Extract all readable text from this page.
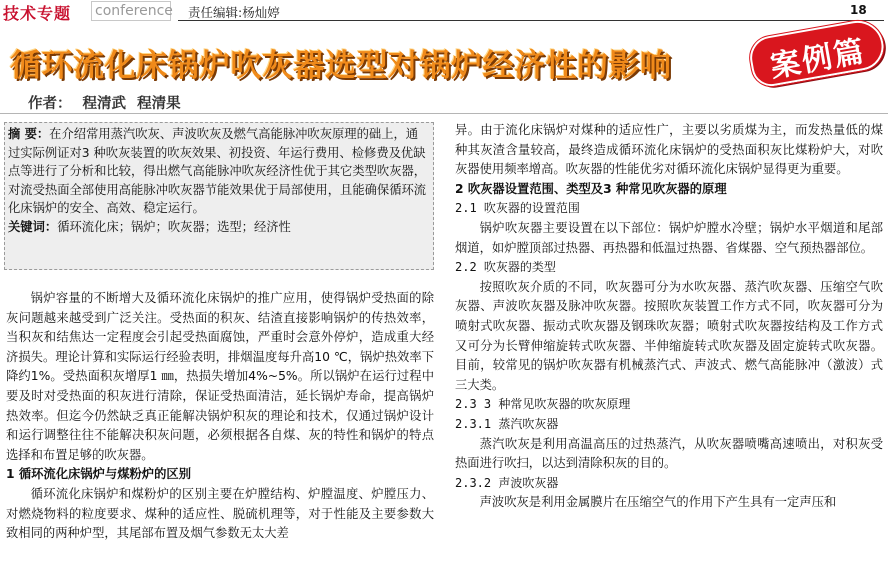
技术专题 conference 责任编辑:杨灿婷	18
循环流化床锅炉吹灰器选型对锅炉经济性的影响	案例篇
作者： 程清武 程清果
摘 要：在介绍常用蒸汽吹灰、声波吹灰及燃气高能脉冲吹灰原理的础上，通过实际例证对3 种吹灰装置的吹灰效果、初投资、年运行费用、检修费及优缺点等进行了分析和比较，得出燃气高能脉冲吹灰经济性优于其它类型吹灰器，对流受热面全部使用高能脉冲吹灰器节能效果优于局部使用，且能确保循环流化床锅炉的安全、高效、稳定运行。
关键词：循环流化床；锅炉；吹灰器；选型；经济性

锅炉容量的不断增大及循环流化床锅炉的推广应用，使得锅炉受热面的除灰问题越来越受到广泛关注。受热面的积灰、结渣直接影响锅炉的传热效率，当积灰和结焦达一定程度会引起受热面腐蚀，严重时会意外停炉，造成重大经济损失。理论计算和实际运行经验表明，排烟温度每升高10 ℃，锅炉热效率下降约1%。受热面积灰增厚1 ㎜，热损失增加4%~5%。所以锅炉在运行过程中要及时对受热面的积灰进行清除，保证受热面清洁，延长锅炉寿命，提高锅炉热效率。但迄今仍然缺乏真正能解决锅炉积灰的理论和技术，仅通过锅炉设计和运行调整往往不能解决积灰问题，必须根据各自煤、灰的特性和锅炉的特点选择和布置足够的吹灰器。

1 循环流化床锅炉与煤粉炉的区别

循环流化床锅炉和煤粉炉的区别主要在炉膛结构、炉膛温度、炉膛压力、对燃烧物料的粒度要求、煤种的适应性、脱硫机理等，对于性能及主要参数大致相同的两种炉型，其尾部布置及烟气参数无太大差

异。由于流化床锅炉对煤种的适应性广，主要以劣质煤为主，而发热量低的煤种其灰渣含量较高，最终造成循环流化床锅炉的受热面积灰比煤粉炉大，对吹灰器使用频率增高。吹灰器的性能优劣对循环流化床锅炉显得更为重要。

2 吹灰器设置范围、类型及3 种常见吹灰器的原理

2.1 吹灰器的设置范围

锅炉吹灰器主要设置在以下部位：锅炉炉膛水冷壁；锅炉水平烟道和尾部烟道，如炉膛顶部过热器、再热器和低温过热器、省煤器、空气预热器部位。

2.2 吹灰器的类型

按照吹灰介质的不同，吹灰器可分为水吹灰器、蒸汽吹灰器、压缩空气吹灰器、声波吹灰器及脉冲吹灰器。按照吹灰装置工作方式不同，吹灰器可分为喷射式吹灰器、振动式吹灰器及钢珠吹灰器；喷射式吹灰器按结构及工作方式又可分为长臂伸缩旋转式吹灰器、半伸缩旋转式吹灰器及固定旋转式吹灰器。目前，较常见的锅炉吹灰器有机械蒸汽式、声波式、燃气高能脉冲（激波）式三大类。

2.3 3 种常见吹灰器的吹灰原理

2.3.1 蒸汽吹灰器

蒸汽吹灰是利用高温高压的过热蒸汽，从吹灰器喷嘴高速喷出，对积灰受热面进行吹扫，以达到清除积灰的目的。

2.3.2 声波吹灰器

声波吹灰是利用金属膜片在压缩空气的作用下产生具有一定声压和
